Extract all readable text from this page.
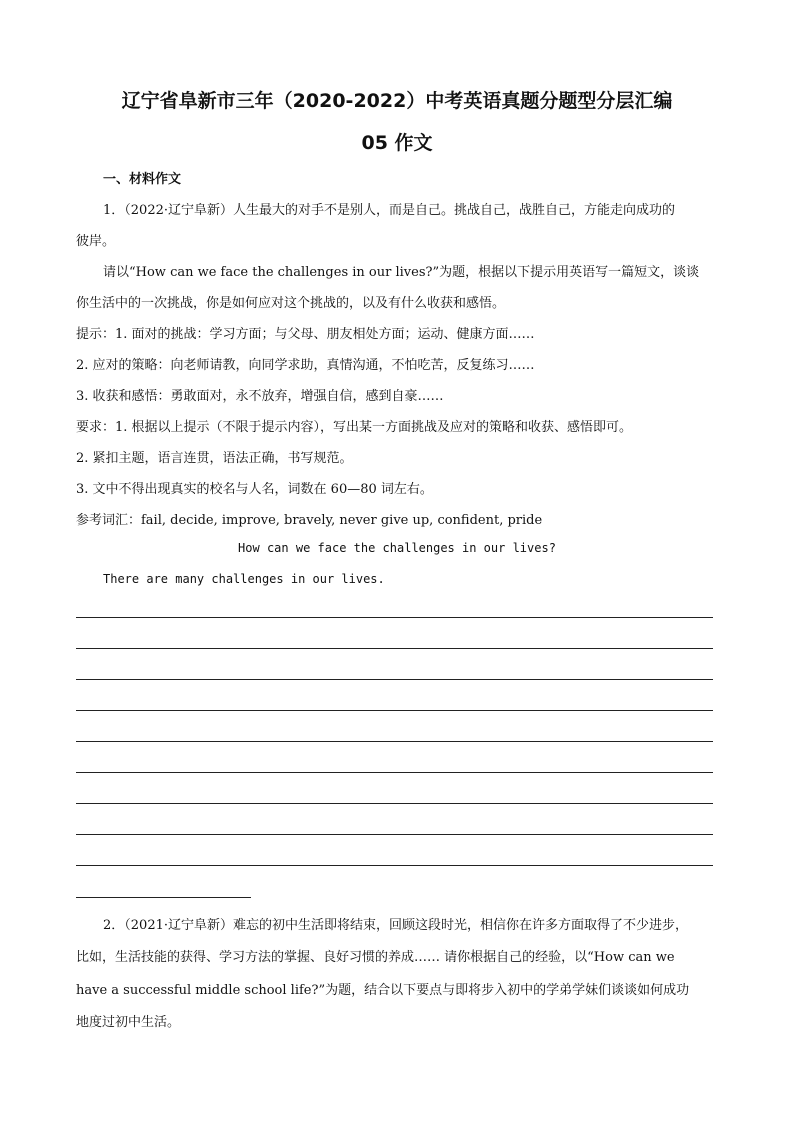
辽宁省阜新市三年（2020-2022）中考英语真题分题型分层汇编
05 作文
一、材料作文
1．（2022·辽宁阜新）人生最大的对手不是别人，而是自己。挑战自己，战胜自己，方能走向成功的
彼岸。
请以“How can we face the challenges in our lives?”为题，根据以下提示用英语写一篇短文，谈谈
你生活中的一次挑战，你是如何应对这个挑战的，以及有什么收获和感悟。
提示：1. 面对的挑战：学习方面；与父母、朋友相处方面；运动、健康方面……
2. 应对的策略：向老师请教，向同学求助，真情沟通，不怕吃苦，反复练习……
3. 收获和感悟：勇敢面对，永不放弃，增强自信，感到自豪……
要求：1. 根据以上提示（不限于提示内容），写出某一方面挑战及应对的策略和收获、感悟即可。
2. 紧扣主题，语言连贯，语法正确，书写规范。
3. 文中不得出现真实的校名与人名，词数在 60—80 词左右。
参考词汇：fail, decide, improve, bravely, never give up, confident, pride
How can we face the challenges in our lives?
There are many challenges in our lives.
2．（2021·辽宁阜新）难忘的初中生活即将结束，回顾这段时光，相信你在许多方面取得了不少进步，
比如，生活技能的获得、学习方法的掌握、良好习惯的养成…… 请你根据自己的经验，以“How can we
have a successful middle school life?”为题，结合以下要点与即将步入初中的学弟学妹们谈谈如何成功
地度过初中生活。
